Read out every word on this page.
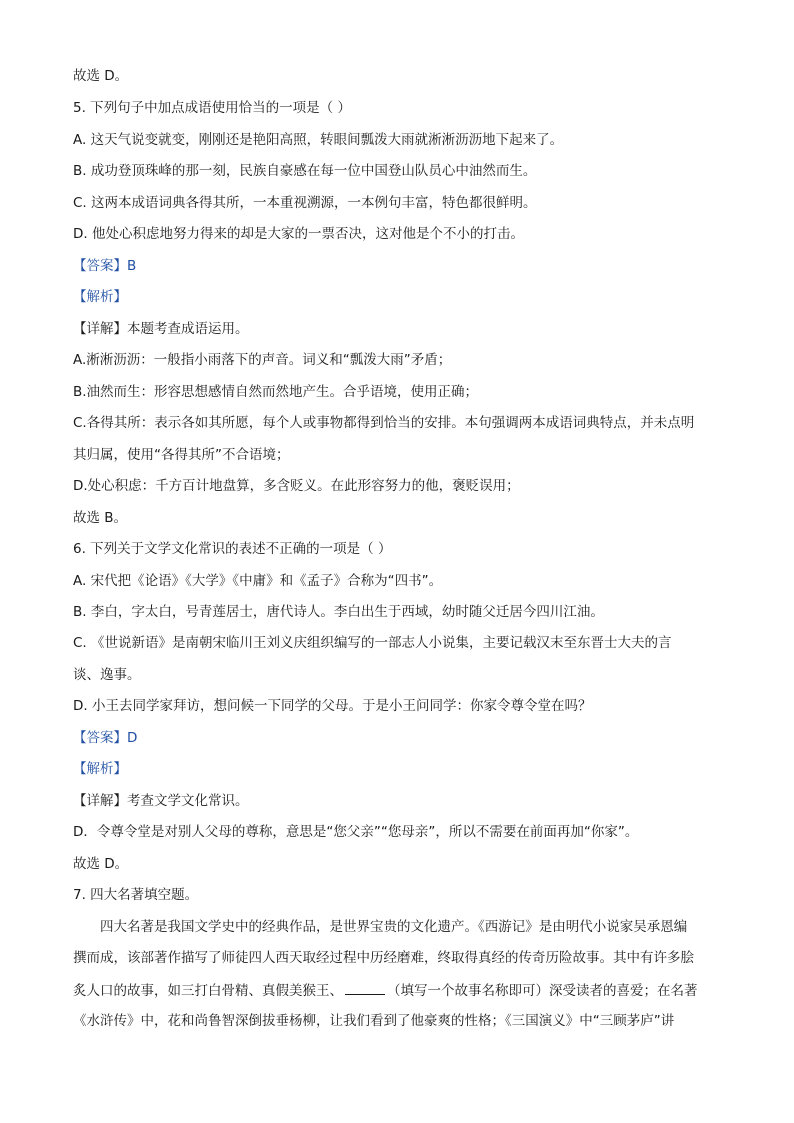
故选 D。
5. 下列句子中加点成语使用恰当的一项是（ ）
A. 这天气说变就变，刚刚还是艳阳高照，转眼间瓢泼大雨就淅淅沥沥地下起来了。
B. 成功登顶珠峰的那一刻，民族自豪感在每一位中国登山队员心中油然而生。
C. 这两本成语词典各得其所，一本重视溯源，一本例句丰富，特色都很鲜明。
D. 他处心积虑地努力得来的却是大家的一票否决，这对他是个不小的打击。
【答案】B
【解析】
【详解】本题考查成语运用。
A.淅淅沥沥：一般指小雨落下的声音。词义和“瓢泼大雨”矛盾；
B.油然而生：形容思想感情自然而然地产生。合乎语境，使用正确；
C.各得其所：表示各如其所愿，每个人或事物都得到恰当的安排。本句强调两本成语词典特点，并未点明
其归属，使用“各得其所”不合语境；
D.处心积虑：千方百计地盘算，多含贬义。在此形容努力的他，褒贬误用；
故选 B。
6. 下列关于文学文化常识的表述不正确的一项是（ ）
A. 宋代把《论语》《大学》《中庸》和《孟子》合称为“四书”。
B. 李白，字太白，号青莲居士，唐代诗人。李白出生于西域，幼时随父迁居今四川江油。
C. 《世说新语》是南朝宋临川王刘义庆组织编写的一部志人小说集，主要记载汉末至东晋士大夫的言
谈、逸事。
D. 小王去同学家拜访，想问候一下同学的父母。于是小王问同学：你家令尊令堂在吗？
【答案】D
【解析】
【详解】考查文学文化常识。
D．令尊令堂是对别人父母的尊称，意思是“您父亲”“您母亲”，所以不需要在前面再加“你家”。
故选 D。
7. 四大名著填空题。
四大名著是我国文学史中的经典作品，是世界宝贵的文化遗产。《西游记》是由明代小说家吴承恩编
撰而成，该部著作描写了师徒四人西天取经过程中历经磨难，终取得真经的传奇历险故事。其中有许多脍
炙人口的故事，如三打白骨精、真假美猴王、	（填写一个故事名称即可）深受读者的喜爱；在名著
《水浒传》中，花和尚鲁智深倒拔垂杨柳，让我们看到了他豪爽的性格；《三国演义》中“三顾茅庐”讲
